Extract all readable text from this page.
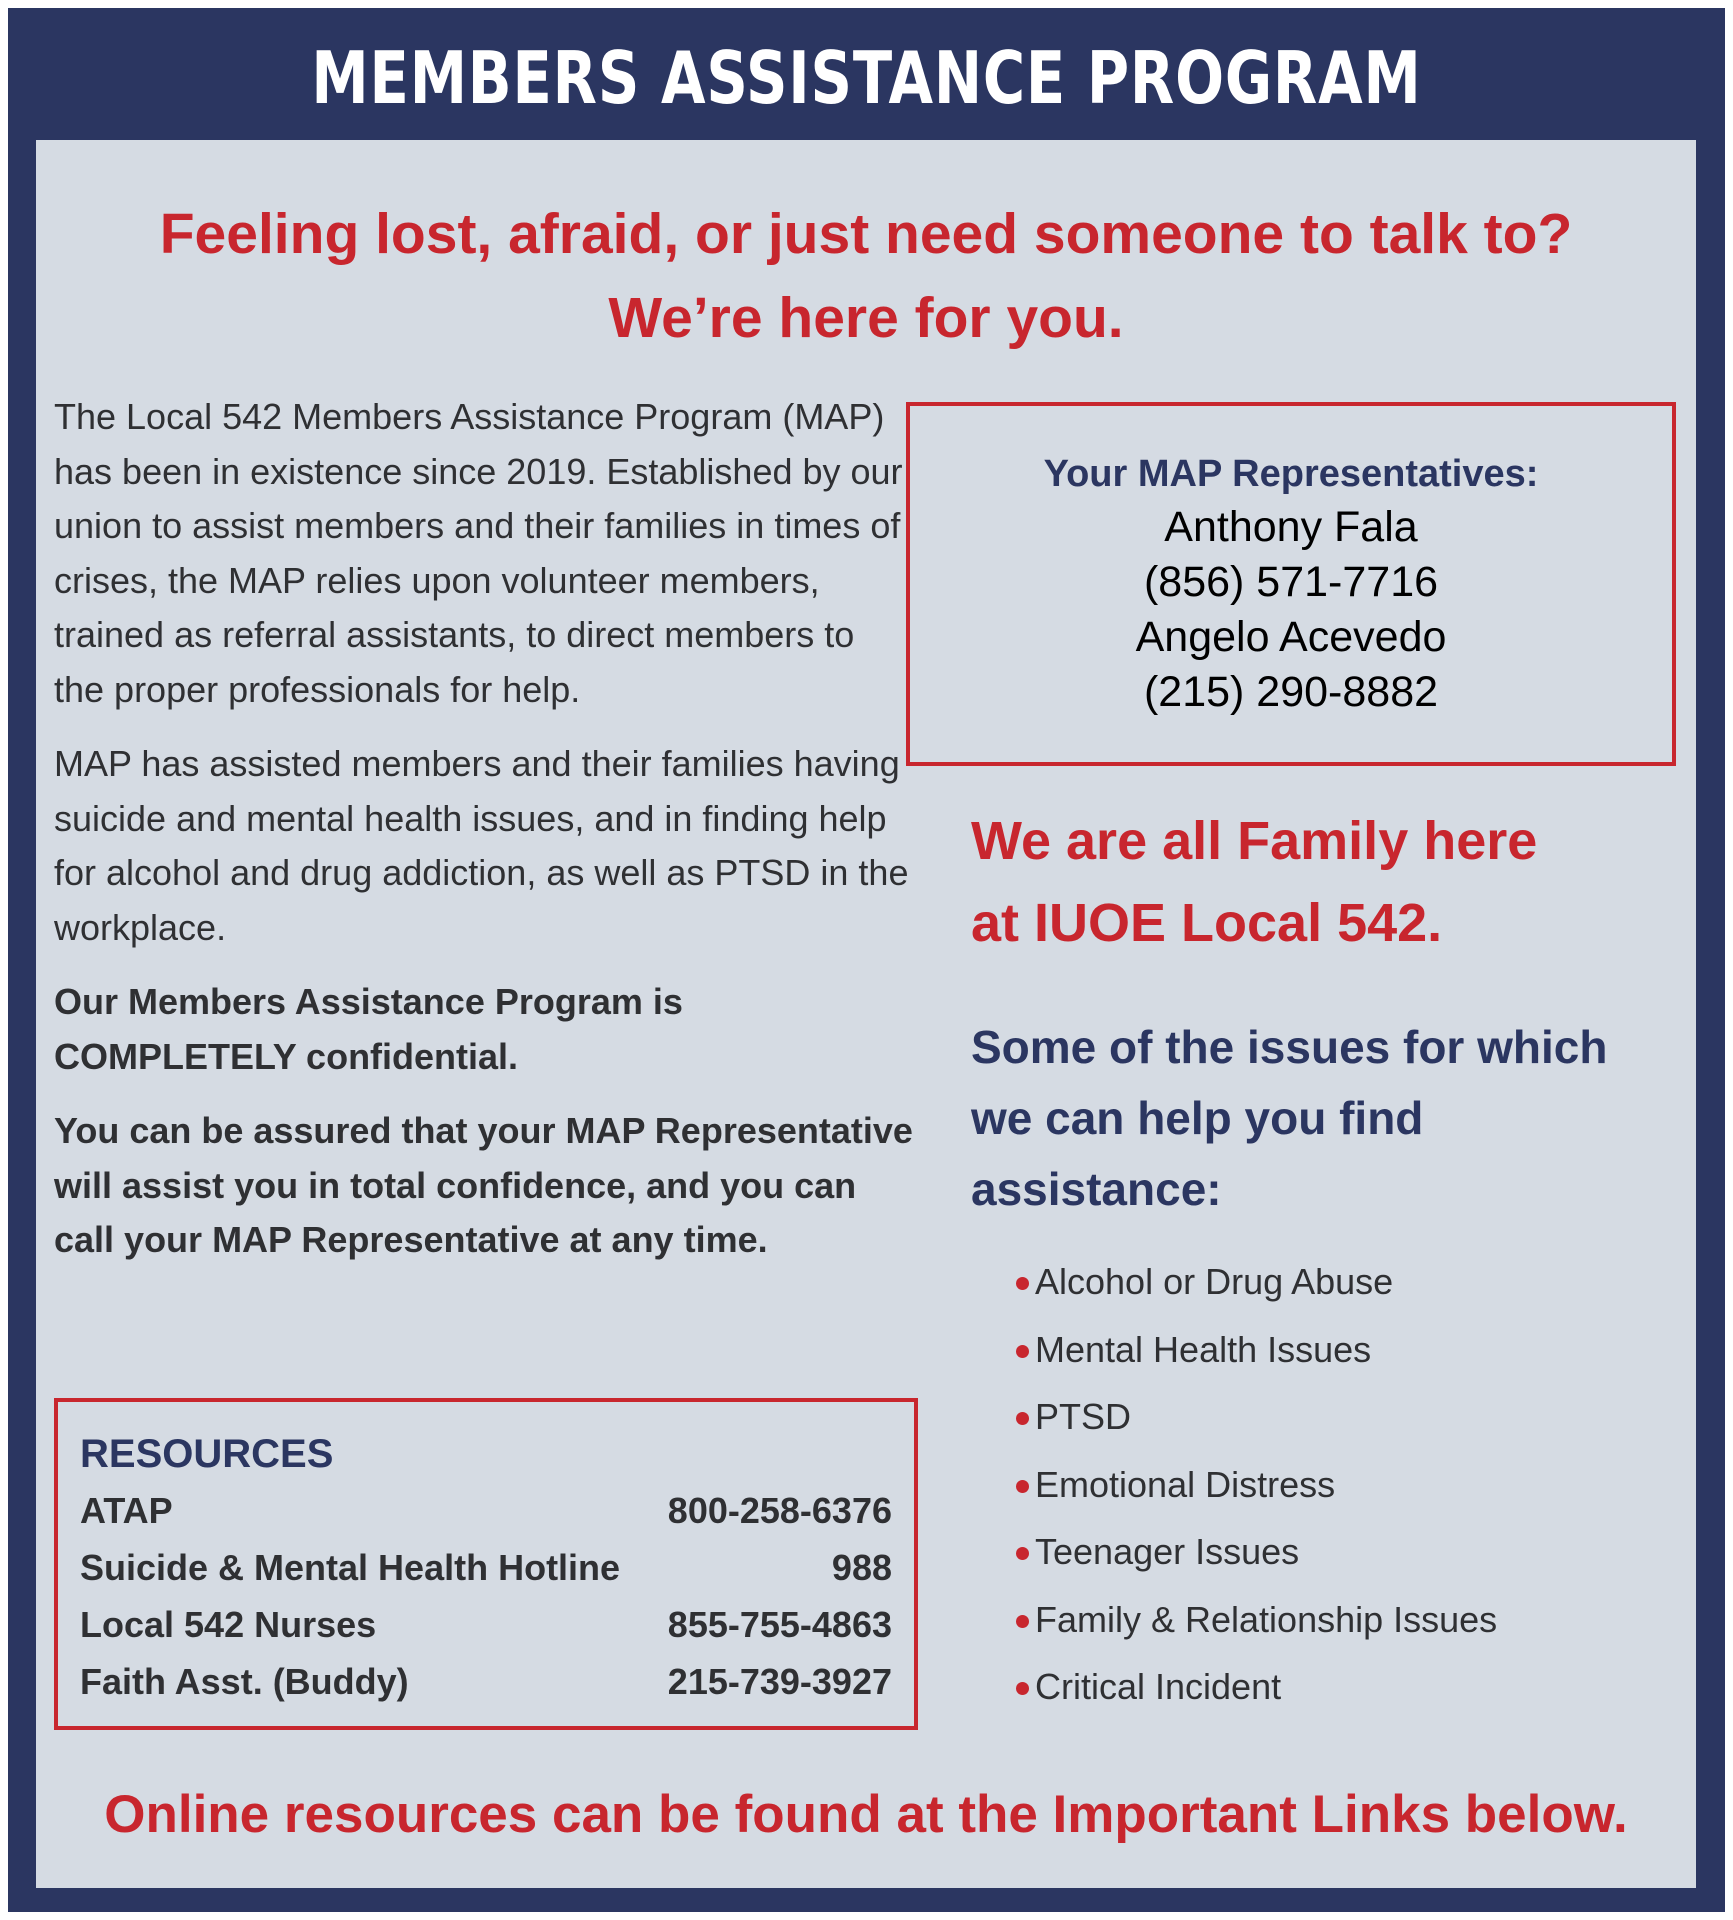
MEMBERS ASSISTANCE PROGRAM
Feeling lost, afraid, or just need someone to talk to?
We’re here for you.

The Local 542 Members Assistance Program (MAP) has been in existence since 2019. Established by our union to assist members and their families in times of crises, the MAP relies upon volunteer members, trained as referral assistants, to direct members to the proper professionals for help.

MAP has assisted members and their families having suicide and mental health issues, and in finding help for alcohol and drug addiction, as well as PTSD in the workplace.

Our Members Assistance Program is COMPLETELY confidential.

You can be assured that your MAP Representative will assist you in total confidence, and you can call your MAP Representative at any time.

RESOURCES
ATAP	800-258-6376
Suicide & Mental Health Hotline	988
Local 542 Nurses	855-755-4863
Faith Asst. (Buddy)	215-739-3927
Your MAP Representatives:
Anthony Fala
(856) 571-7716
Angelo Acevedo
(215) 290-8882
We are all Family here
at IUOE Local 542.
Some of the issues for which
we can help you find
assistance:
Alcohol or Drug Abuse
Mental Health Issues
PTSD
Emotional Distress
Teenager Issues
Family & Relationship Issues
Critical Incident
Online resources can be found at the Important Links below.
